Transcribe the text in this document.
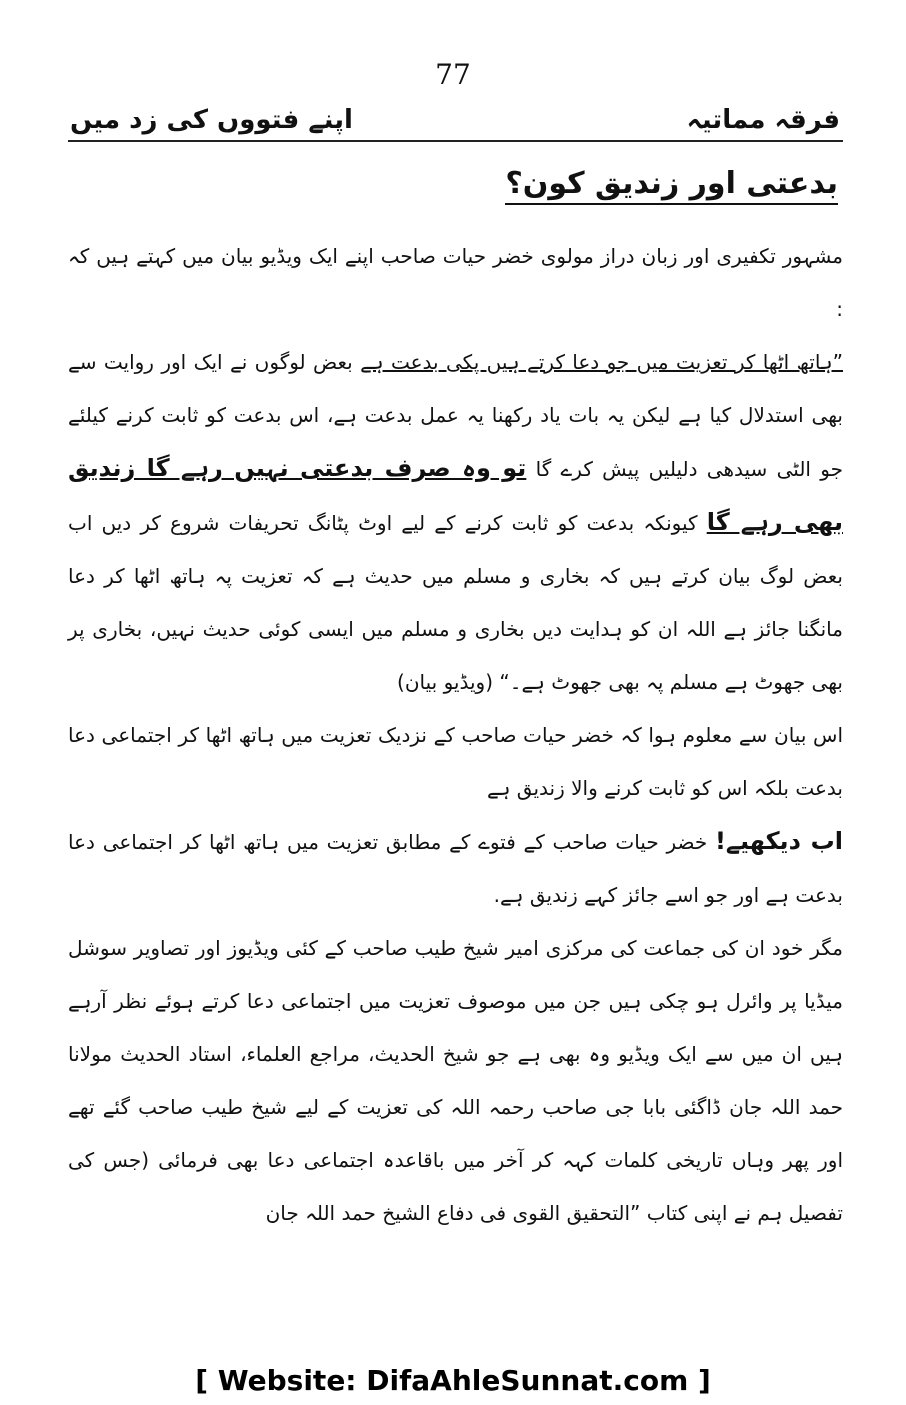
77
فرقہ مماتیہ
اپنے فتووں کی زد میں
بدعتی اور زندیق کون؟

مشہور تکفیری اور زبان دراز مولوی خضر حیات صاحب اپنے ایک ویڈیو بیان میں کہتے ہیں کہ :

”ہاتھ اٹھا کر تعزیت میں جو دعا کرتے ہیں پکی بدعت ہے بعض لوگوں نے ایک اور روایت سے بھی استدلال کیا ہے لیکن یہ بات یاد رکھنا یہ عمل بدعت ہے، اس بدعت کو ثابت کرنے کیلئے جو الٹی سیدھی دلیلیں پیش کرے گا تو وہ صرف بدعتی نہیں رہے گا زندیق بھی رہے گا کیونکہ بدعت کو ثابت کرنے کے لیے اوٹ پٹانگ تحریفات شروع کر دیں اب بعض لوگ بیان کرتے ہیں کہ بخاری و مسلم میں حدیث ہے کہ تعزیت پہ ہاتھ اٹھا کر دعا مانگنا جائز ہے اللہ ان کو ہدایت دیں بخاری و مسلم میں ایسی کوئی حدیث نہیں، بخاری پر بھی جھوٹ ہے مسلم پہ بھی جھوٹ ہے۔“ (ویڈیو بیان)

اس بیان سے معلوم ہوا کہ خضر حیات صاحب کے نزدیک تعزیت میں ہاتھ اٹھا کر اجتماعی دعا بدعت بلکہ اس کو ثابت کرنے والا زندیق ہے

اب دیکھیے! خضر حیات صاحب کے فتوے کے مطابق تعزیت میں ہاتھ اٹھا کر اجتماعی دعا بدعت ہے اور جو اسے جائز کہے زندیق ہے.

مگر خود ان کی جماعت کی مرکزی امیر شیخ طیب صاحب کے کئی ویڈیوز اور تصاویر سوشل میڈیا پر وائرل ہو چکی ہیں جن میں موصوف تعزیت میں اجتماعی دعا کرتے ہوئے نظر آرہے ہیں ان میں سے ایک ویڈیو وہ بھی ہے جو شیخ الحدیث، مراجع العلماء، استاد الحدیث مولانا حمد اللہ جان ڈاگئی بابا جی صاحب رحمہ اللہ کی تعزیت کے لیے شیخ طیب صاحب گئے تھے اور پھر وہاں تاریخی کلمات کہہ کر آخر میں باقاعدہ اجتماعی دعا بھی فرمائی (جس کی تفصیل ہم نے اپنی کتاب ”التحقیق القوی فی دفاع الشیخ حمد اللہ جان

[ Website: DifaAhleSunnat.com ]
